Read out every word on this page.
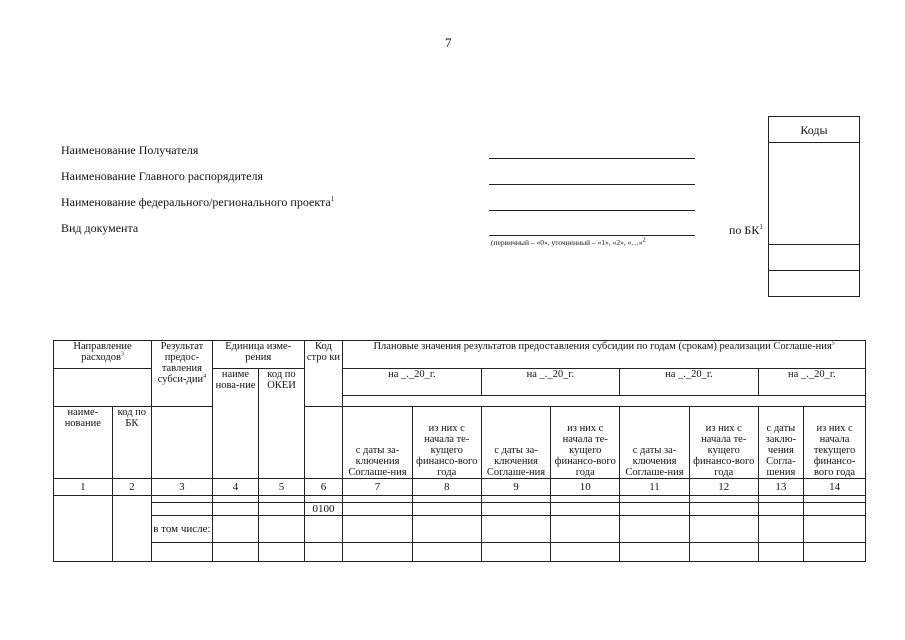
7
Наименование Получателя
Наименование Главного распорядителя
Наименование федерального/регионального проекта$^1$
Вид документа
(первичный – «0», уточненный – «1», «2», «…»$^2$
по $БК^1$
Коды
Направление расходов$^3$		Результат предос-тавления субси-дии$^4$	Единица изме-рения		Код стро ки	Плановые значения результатов предоставления субсидии по годам (срокам) реализации Соглаше-ния$^5$
			наиме нова-ние	код по ОКЕИ		на _._20_г.		на _._20_г.		на _._20_г.		на _._20_г.	

наиме-нование	код по БК					с даты за-ключения Соглаше-ния	из них с начала те-кущего финансо-вого года	с даты за-ключения Соглаше-ния	из них с начала те-кущего финансо-вого года	с даты за-ключения Соглаше-ния	из них с начала те-кущего финансо-вого года	с даты заклю-чения Согла-шения	из них с начала текущего финансо-вого года
1	2	3	4	5	6	7	8	9	10	11	12	13	14

					0100								
		в том числе:											
